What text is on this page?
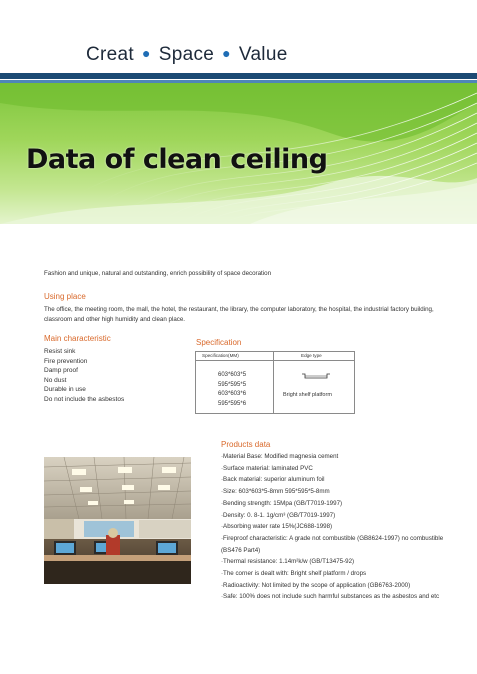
Creat ● Space ● Value
Data of clean ceiling
Fashion and unique, natural and outstanding, enrich possibility of space decoration
Using place
The office, the meeting room, the mall, the hotel, the restaurant, the library, the computer laboratory, the hospital, the industrial factory building, classroom and other high humidity and clean place.
Main characteristic
Resist sink
Fire prevention
Damp proof
No dust
Durable in use
Do not include the asbestos
Specification
Specification(MM)	Edge type
603*603*5
595*595*5
603*603*6
595*595*6
Bright shelf platform
Products data
·Material Base: Modified magnesia cement
·Surface material: laminated PVC
·Back material: superior aluminum foil
·Size: 603*603*5-8mm 595*595*5-8mm
·Bending strength: 15Mpa (GB/T7019-1997)
·Density: 0. 8-1. 1g/cm³ (GB/T7019-1997)
·Absorbing water rate 15%(JC688-1998)
·Fireproof characteristic: A grade not combustible (GB8624-1997) no combustible (BS476 Part4)
·Thermal resistance: 1.14m²k/w (GB/T13475-92)
·The corner is dealt with: Bright shelf platform / drops
·Radioactivity: Not limited by the scope of application (GB6763-2000)
·Safe: 100% does not include such harmful substances as the asbestos and etc
